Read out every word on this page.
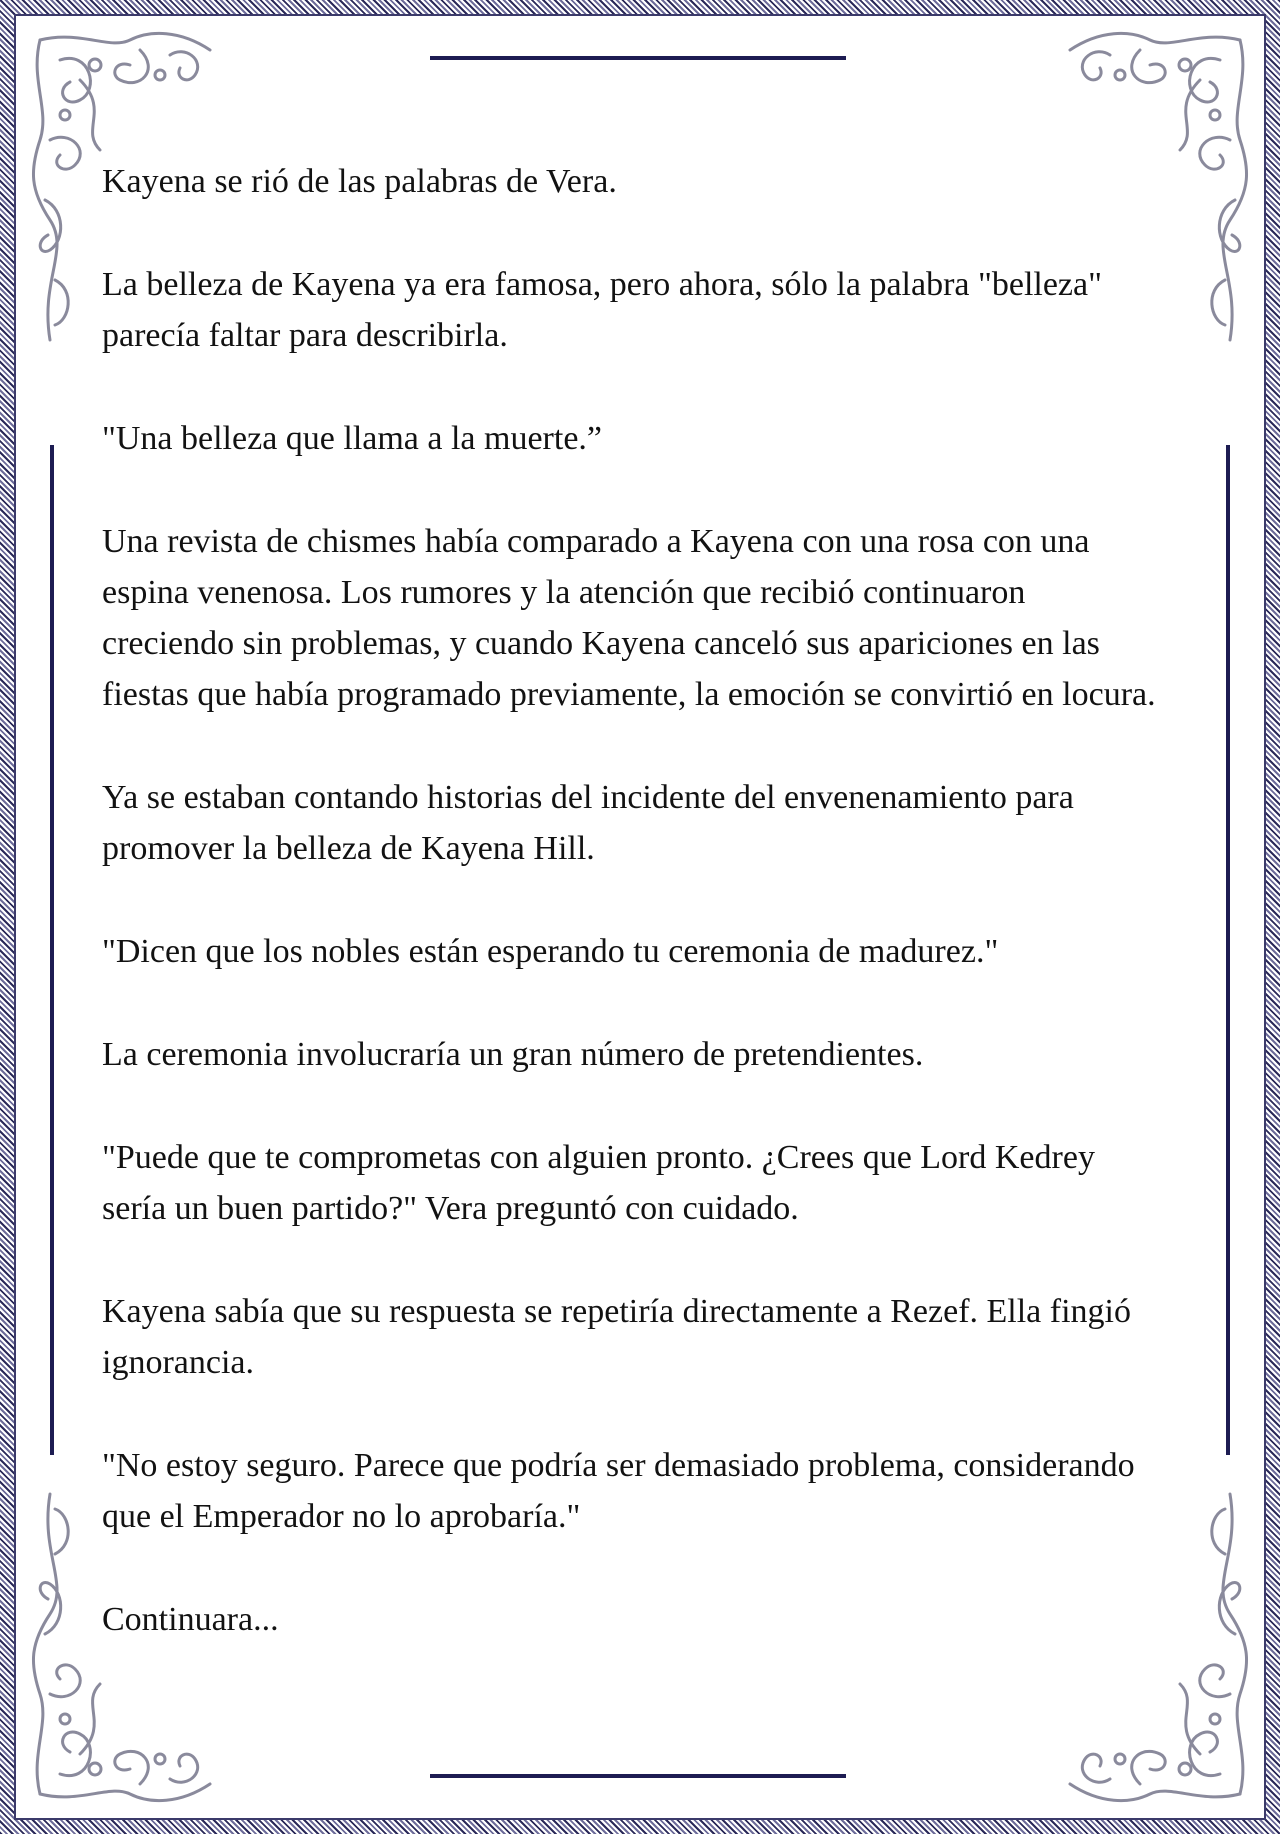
Kayena se rió de las palabras de Vera.

La belleza de Kayena ya era famosa, pero ahora, sólo la palabra "belleza" parecía faltar para describirla.

"Una belleza que llama a la muerte.”

Una revista de chismes había comparado a Kayena con una rosa con una espina venenosa. Los rumores y la atención que recibió continuaron creciendo sin problemas, y cuando Kayena canceló sus apariciones en las fiestas que había programado previamente, la emoción se convirtió en locura.

Ya se estaban contando historias del incidente del envenenamiento para promover la belleza de Kayena Hill.

"Dicen que los nobles están esperando tu ceremonia de madurez."

La ceremonia involucraría un gran número de pretendientes.

"Puede que te comprometas con alguien pronto. ¿Crees que Lord Kedrey sería un buen partido?" Vera preguntó con cuidado.

Kayena sabía que su respuesta se repetiría directamente a Rezef. Ella fingió ignorancia.

"No estoy seguro. Parece que podría ser demasiado problema, considerando que el Emperador no lo aprobaría."

Continuara...
